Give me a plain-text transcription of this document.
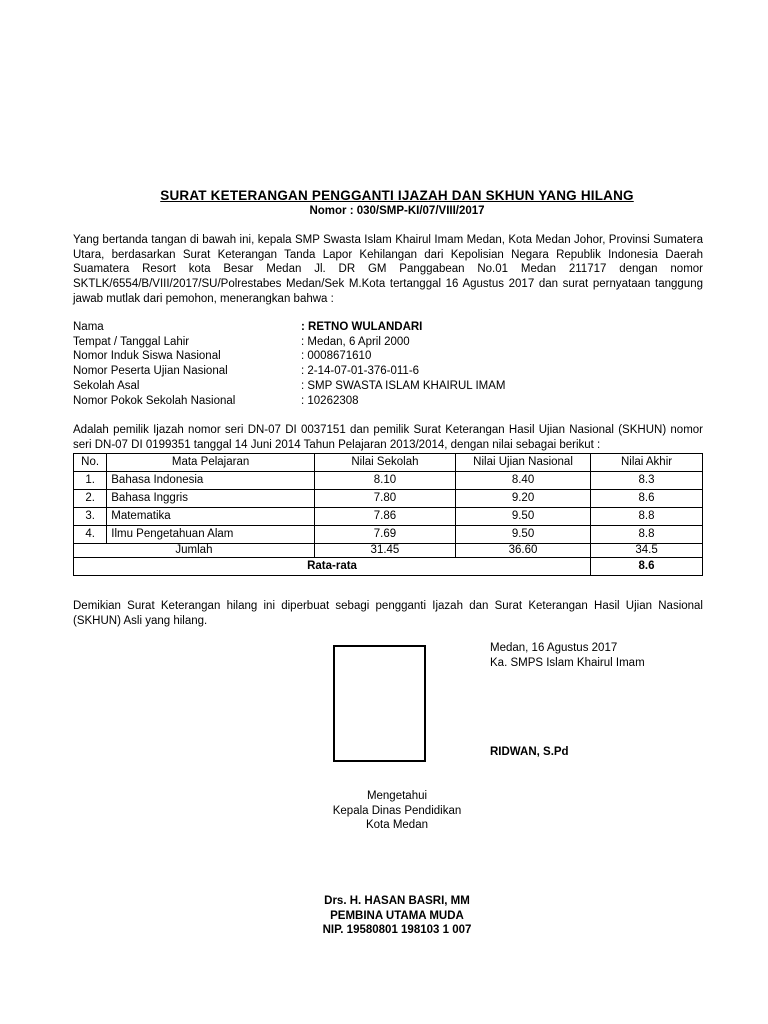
SURAT KETERANGAN PENGGANTI IJAZAH DAN SKHUN YANG HILANG
Nomor : 030/SMP-KI/07/VIII/2017
Yang bertanda tangan di bawah ini, kepala SMP Swasta Islam Khairul Imam Medan, Kota Medan Johor, Provinsi Sumatera Utara, berdasarkan Surat Keterangan Tanda Lapor Kehilangan dari Kepolisian Negara Republik Indonesia Daerah Suamatera Resort kota Besar Medan Jl. DR GM Panggabean No.01 Medan 211717 dengan nomor SKTLK/6554/B/VIII/2017/SU/Polrestabes Medan/Sek M.Kota tertanggal 16 Agustus 2017 dan surat pernyataan tanggung jawab mutlak dari pemohon, menerangkan bahwa :
Nama	: RETNO WULANDARI
Tempat / Tanggal Lahir	: Medan, 6 April 2000
Nomor Induk Siswa Nasional	: 0008671610
Nomor Peserta Ujian Nasional	: 2-14-07-01-376-011-6
Sekolah Asal	: SMP SWASTA ISLAM KHAIRUL IMAM
Nomor Pokok Sekolah Nasional	: 10262308
Adalah pemilik Ijazah nomor seri DN-07 DI 0037151 dan pemilik Surat Keterangan Hasil Ujian Nasional (SKHUN) nomor seri DN-07 DI 0199351 tanggal 14 Juni 2014 Tahun Pelajaran 2013/2014, dengan nilai sebagai berikut :
No.	Mata Pelajaran	Nilai Sekolah	Nilai Ujian Nasional	Nilai Akhir
1.	Bahasa Indonesia	8.10	8.40	8.3
2.	Bahasa Inggris	7.80	9.20	8.6
3.	Matematika	7.86	9.50	8.8
4.	Ilmu Pengetahuan Alam	7.69	9.50	8.8
Jumlah		31.45	36.60	34.5
Rata-rata				8.6
Demikian Surat Keterangan hilang ini diperbuat sebagi pengganti Ijazah dan Surat Keterangan Hasil Ujian Nasional (SKHUN) Asli yang hilang.
Medan, 16 Agustus 2017
Ka. SMPS Islam Khairul Imam
RIDWAN, S.Pd
Mengetahui
Kepala Dinas Pendidikan
Kota Medan
Drs. H. HASAN BASRI, MM
PEMBINA UTAMA MUDA
NIP. 19580801 198103 1 007
